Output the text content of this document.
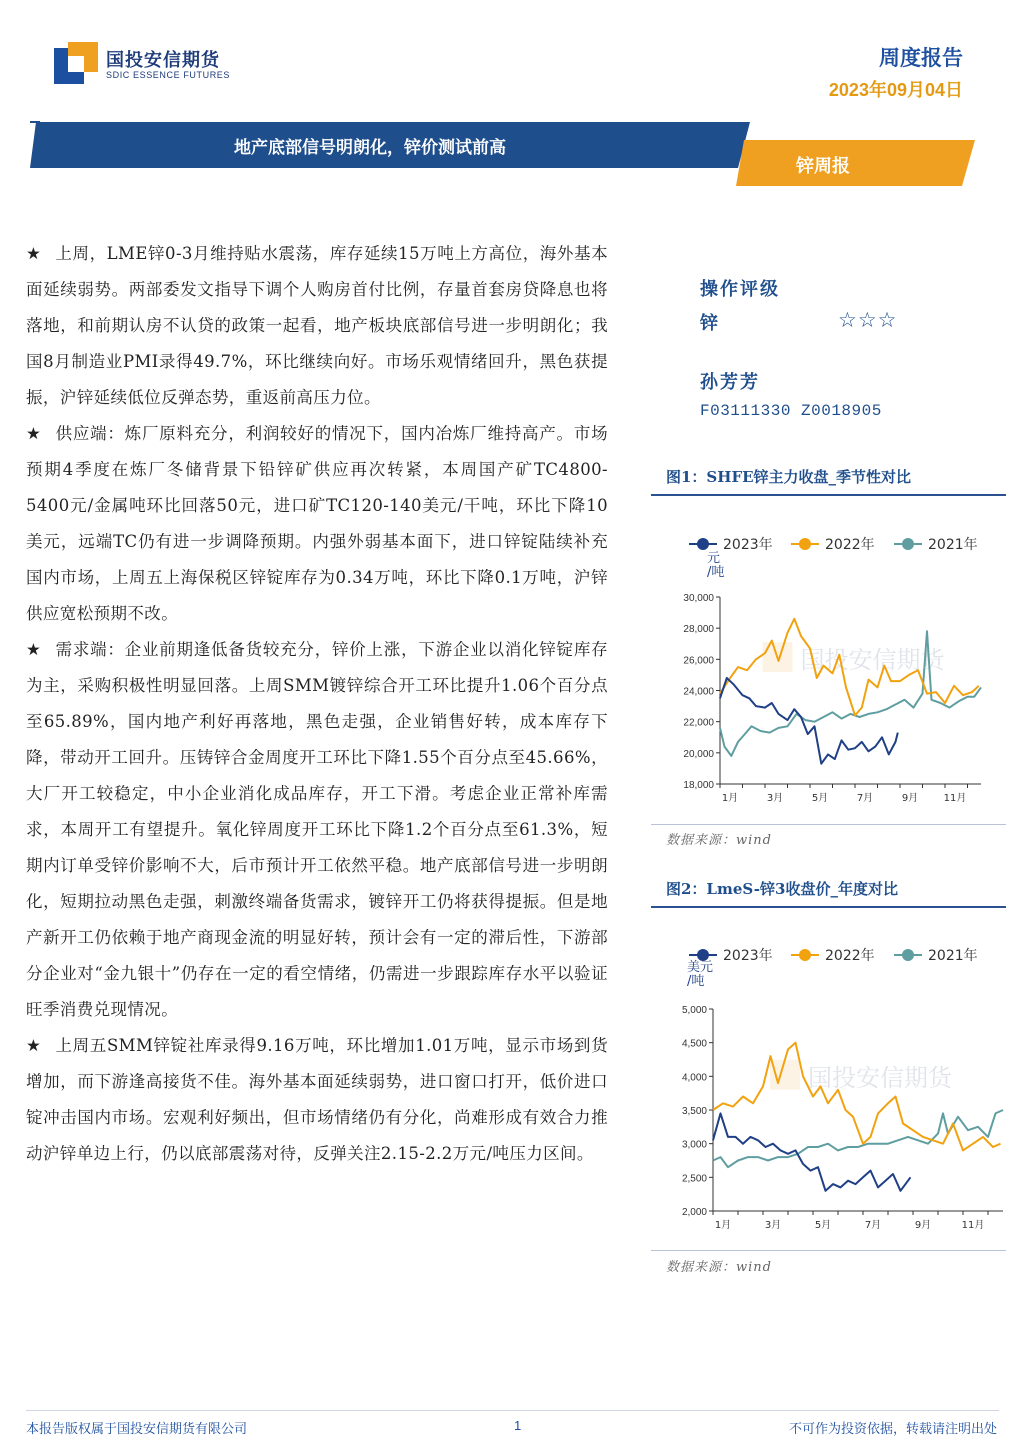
国投安信期货
SDIC ESSENCE FUTURES
周度报告
2023年09月04日
地产底部信号明朗化，锌价测试前高
锌周报

★ 上周，LME锌0-3月维持贴水震荡，库存延续15万吨上方高位，海外基本面延续弱势。两部委发文指导下调个人购房首付比例，存量首套房贷降息也将落地，和前期认房不认贷的政策一起看，地产板块底部信号进一步明朗化；我国8月制造业PMI录得49.7%，环比继续向好。市场乐观情绪回升，黑色获提振，沪锌延续低位反弹态势，重返前高压力位。

★ 供应端：炼厂原料充分，利润较好的情况下，国内冶炼厂维持高产。市场预期4季度在炼厂冬储背景下铅锌矿供应再次转紧，本周国产矿TC4800-5400元/金属吨环比回落50元，进口矿TC120-140美元/干吨，环比下降10美元，远端TC仍有进一步调降预期。内强外弱基本面下，进口锌锭陆续补充国内市场，上周五上海保税区锌锭库存为0.34万吨，环比下降0.1万吨，沪锌供应宽松预期不改。

★ 需求端：企业前期逢低备货较充分，锌价上涨，下游企业以消化锌锭库存为主，采购积极性明显回落。上周SMM镀锌综合开工环比提升1.06个百分点至65.89%，国内地产利好再落地，黑色走强，企业销售好转，成本库存下降，带动开工回升。压铸锌合金周度开工环比下降1.55个百分点至45.66%，大厂开工较稳定，中小企业消化成品库存，开工下滑。考虑企业正常补库需求，本周开工有望提升。氧化锌周度开工环比下降1.2个百分点至61.3%，短期内订单受锌价影响不大，后市预计开工依然平稳。地产底部信号进一步明朗化，短期拉动黑色走强，刺激终端备货需求，镀锌开工仍将获得提振。但是地产新开工仍依赖于地产商现金流的明显好转，预计会有一定的滞后性，下游部分企业对“金九银十”仍存在一定的看空情绪，仍需进一步跟踪库存水平以验证旺季消费兑现情况。

★ 上周五SMM锌锭社库录得9.16万吨，环比增加1.01万吨，显示市场到货增加，而下游逢高接货不佳。海外基本面延续弱势，进口窗口打开，低价进口锭冲击国内市场。宏观利好频出，但市场情绪仍有分化，尚难形成有效合力推动沪锌单边上行，仍以底部震荡对待，反弹关注2.15-2.2万元/吨压力区间。

操作评级
锌	☆☆☆
孙芳芳
F03111330 Z0018905
图1：SHFE锌主力收盘_季节性对比
2023年	2022年	2021年
元
/吨
国投安信期货
18,000
20,000
22,000
24,000
26,000
28,000
30,000
1月	3月	5月	7月	9月	11月
数据来源：wind
图2：LmeS-锌3收盘价_年度对比
2023年	2022年	2021年
美元
/吨
国投安信期货
2,000
2,500
3,000
3,500
4,000
4,500
5,000
1月	3月	5月	7月	9月	11月
数据来源：wind
本报告版权属于国投安信期货有限公司	1	不可作为投资依据，转载请注明出处
